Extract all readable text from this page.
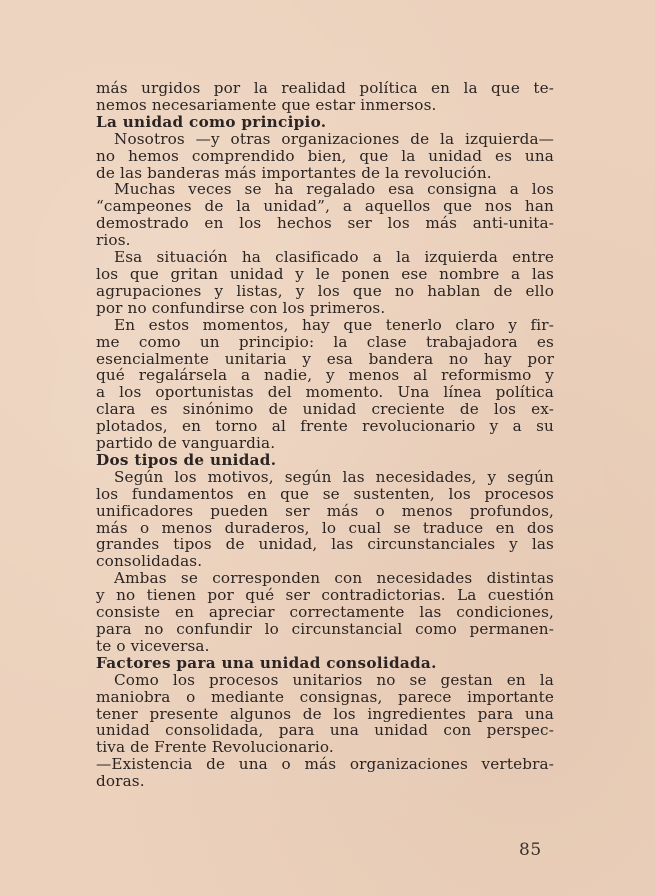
más urgidos por la realidad política en la que te-
nemos necesariamente que estar inmersos.
La unidad como principio.
Nosotros —y otras organizaciones de la izquierda—
no hemos comprendido bien, que la unidad es una
de las banderas más importantes de la revolución.
Muchas veces se ha regalado esa consigna a los
“campeones de la unidad”, a aquellos que nos han
demostrado en los hechos ser los más anti-unita-
rios.
Esa situación ha clasificado a la izquierda entre
los que gritan unidad y le ponen ese nombre a las
agrupaciones y listas, y los que no hablan de ello
por no confundirse con los primeros.
En estos momentos, hay que tenerlo claro y fir-
me como un principio: la clase trabajadora es
esencialmente unitaria y esa bandera no hay por
qué regalársela a nadie, y menos al reformismo y
a los oportunistas del momento. Una línea política
clara es sinónimo de unidad creciente de los ex-
plotados, en torno al frente revolucionario y a su
partido de vanguardia.
Dos tipos de unidad.
Según los motivos, según las necesidades, y según
los fundamentos en que se sustenten, los procesos
unificadores pueden ser más o menos profundos,
más o menos duraderos, lo cual se traduce en dos
grandes tipos de unidad, las circunstanciales y las
consolidadas.
Ambas se corresponden con necesidades distintas
y no tienen por qué ser contradictorias. La cuestión
consiste en apreciar correctamente las condiciones,
para no confundir lo circunstancial como permanen-
te o viceversa.
Factores para una unidad consolidada.
Como los procesos unitarios no se gestan en la
maniobra o mediante consignas, parece importante
tener presente algunos de los ingredientes para una
unidad consolidada, para una unidad con perspec-
tiva de Frente Revolucionario.
—Existencia de una o más organizaciones vertebra-
doras.
85
